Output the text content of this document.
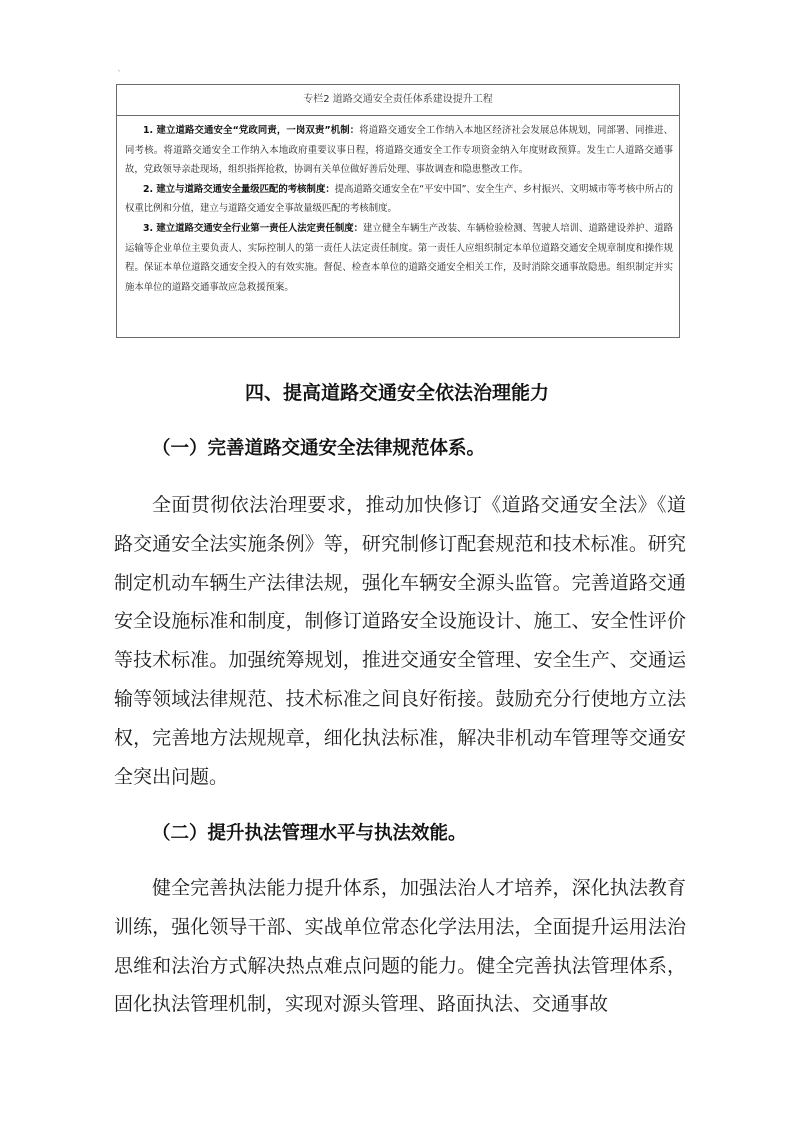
`
专栏2 道路交通安全责任体系建设提升工程

1. 建立道路交通安全“党政同责，一岗双责”机制：将道路交通安全工作纳入本地区经济社会发展总体规划，同部署、同推进、同考核。将道路交通安全工作纳入本地政府重要议事日程，将道路交通安全工作专项资金纳入年度财政预算。发生亡人道路交通事故，党政领导亲赴现场，组织指挥抢救，协调有关单位做好善后处理、事故调查和隐患整改工作。

2. 建立与道路交通安全量级匹配的考核制度：提高道路交通安全在“平安中国”、安全生产、乡村振兴、文明城市等考核中所占的权重比例和分值，建立与道路交通安全事故量级匹配的考核制度。

3. 建立道路交通安全行业第一责任人法定责任制度：建立健全车辆生产改装、车辆检验检测、驾驶人培训、道路建设养护、道路运输等企业单位主要负责人、实际控制人的第一责任人法定责任制度。第一责任人应组织制定本单位道路交通安全规章制度和操作规程。保证本单位道路交通安全投入的有效实施。督促、检查本单位的道路交通安全相关工作，及时消除交通事故隐患。组织制定并实施本单位的道路交通事故应急救援预案。

四、提高道路交通安全依法治理能力
（一）完善道路交通安全法律规范体系。

全面贯彻依法治理要求，推动加快修订《道路交通安全法》《道路交通安全法实施条例》等，研究制修订配套规范和技术标准。研究制定机动车辆生产法律法规，强化车辆安全源头监管。完善道路交通安全设施标准和制度，制修订道路安全设施设计、施工、安全性评价等技术标准。加强统筹规划，推进交通安全管理、安全生产、交通运输等领域法律规范、技术标准之间良好衔接。鼓励充分行使地方立法权，完善地方法规规章，细化执法标准，解决非机动车管理等交通安全突出问题。

（二）提升执法管理水平与执法效能。

健全完善执法能力提升体系，加强法治人才培养，深化执法教育训练，强化领导干部、实战单位常态化学法用法，全面提升运用法治思维和法治方式解决热点难点问题的能力。健全完善执法管理体系，固化执法管理机制，实现对源头管理、路面执法、交通事故
